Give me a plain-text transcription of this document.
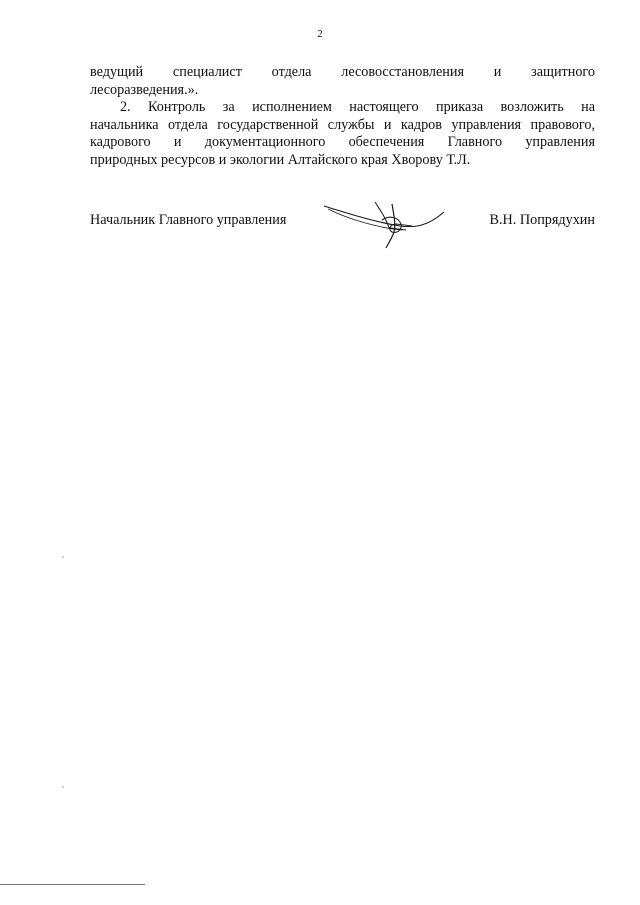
2

ведущий специалист отдела лесовосстановления и защитного
лесоразведения.».

2. Контроль за исполнением настоящего приказа возложить на
начальника отдела государственной службы и кадров управления правового,
кадрового и документационного обеспечения Главного управления
природных ресурсов и экологии Алтайского края Хворову Т.Л.

Начальник Главного управления	В.Н. Попрядухин
